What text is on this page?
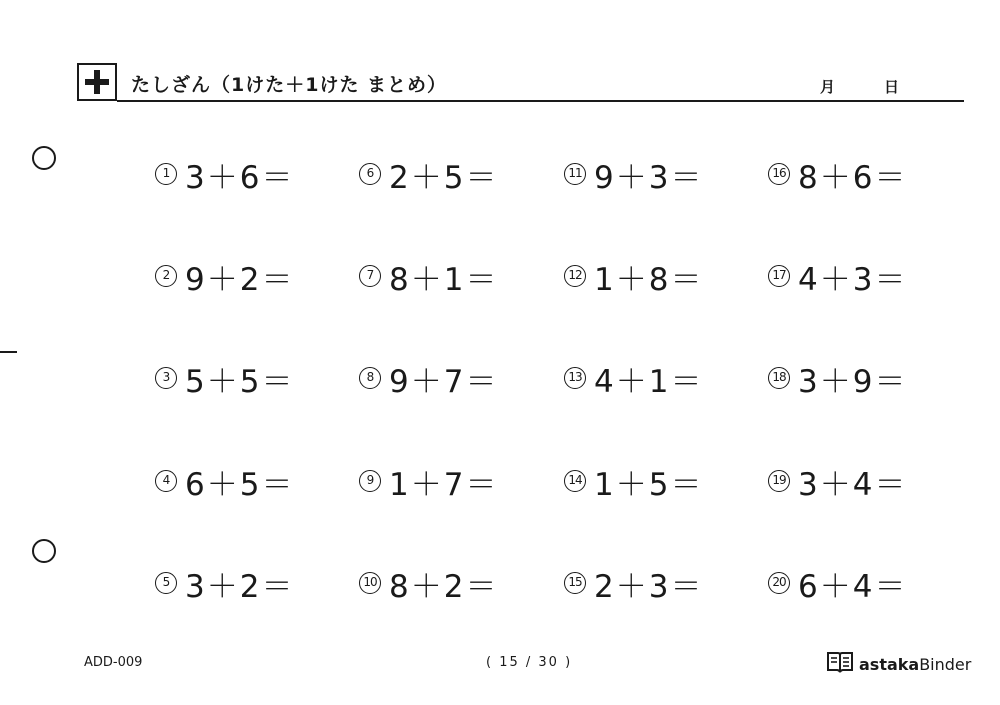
たしざん（1けた＋1けた まとめ）	月	日
1 3＋6＝
2 9＋2＝
3 5＋5＝
4 6＋5＝
5 3＋2＝
6 2＋5＝
7 8＋1＝
8 9＋7＝
9 1＋7＝
10 8＋2＝
11 9＋3＝
12 1＋8＝
13 4＋1＝
14 1＋5＝
15 2＋3＝
16 8＋6＝
17 4＋3＝
18 3＋9＝
19 3＋4＝
20 6＋4＝
ADD-009	( 15 / 30 )	astaka Binder
